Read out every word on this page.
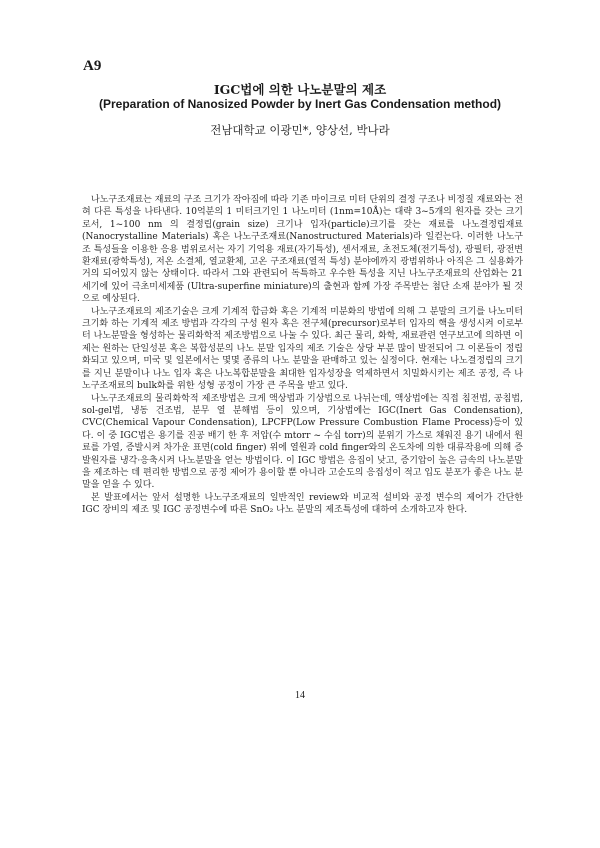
A9
IGC법에 의한 나노분말의 제조
(Preparation of Nanosized Powder by Inert Gas Condensation method)
전남대학교 이광민*, 양상선, 박나라

나노구조재료는 재료의 구조 크기가 작아짐에 따라 기존 마이크로 미터 단위의 결정 구조나 비정질 재료와는 전혀 다른 특성을 나타낸다. 10억분의 1 미터크기인 1 나노미터 (1nm=10Å)는 대략 3~5개의 원자를 갖는 크기로서, 1~100 nm 의 결정립(grain size) 크기나 입자(particle)크기를 갖는 재료를 나노결정립재료(Nanocrystalline Materials) 혹은 나노구조재료(Nanostructured Materials)라 일컫는다. 이러한 나노구조 특성들을 이용한 응용 범위로서는 자기 기억용 재료(자기특성), 센서재료, 초전도체(전기특성), 광필터, 광전변환재료(광학특성), 저온 소결체, 열교환체, 고온 구조재료(열적 특성) 분야에까지 광범위하나 아직은 그 실용화가 거의 되어있지 않는 상태이다. 따라서 그와 관련되어 독특하고 우수한 특성을 지닌 나노구조재료의 산업화는 21세기에 있어 극초미세제품 (Ultra-superfine miniature)의 출현과 함께 가장 주목받는 첨단 소재 분야가 될 것으로 예상된다.

나노구조재료의 제조기술은 크게 기계적 합금화 혹은 기계적 미분화의 방법에 의해 그 분말의 크기를 나노미터크기화 하는 기계적 제조 방법과 각각의 구성 원자 혹은 전구체(precursor)로부터 입자의 핵을 생성시켜 이로부터 나노분말을 형성하는 물리화학적 제조방법으로 나눌 수 있다. 최근 물리, 화학, 재료관련 연구보고에 의하면 이제는 원하는 단일성분 혹은 복합성분의 나노 분말 입자의 제조 기술은 상당 부분 많이 발전되어 그 이론들이 정립화되고 있으며, 미국 및 일본에서는 몇몇 종류의 나노 분말을 판매하고 있는 실정이다. 현재는 나노결정립의 크기를 지닌 분말이나 나노 입자 혹은 나노복합분말을 최대한 입자성장을 억제하면서 치밀화시키는 제조 공정, 즉 나노구조재료의 bulk화를 위한 성형 공정이 가장 큰 주목을 받고 있다.

나노구조재료의 물리화학적 제조방법은 크게 액상법과 기상법으로 나뉘는데, 액상법에는 직접 침전법, 공침법, sol-gel법, 냉동 건조법, 분무 열 분해법 등이 있으며, 기상법에는 IGC(Inert Gas Condensation), CVC(Chemical Vapour Condensation), LPCFP(Low Pressure Combustion Flame Process)등이 있다. 이 중 IGC법은 용기를 진공 배기 한 후 저압(수 mtorr ~ 수십 torr)의 분위기 가스로 채워진 용기 내에서 원료를 가열, 증발시켜 차가운 표면(cold finger) 위에 열원과 cold finger와의 온도차에 의한 대류작용에 의해 증발원자를 냉각·응축시켜 나노분말을 얻는 방법이다. 이 IGC 방법은 응집이 낮고, 증기압이 높은 금속의 나노분말을 제조하는 데 편리한 방법으로 공정 제어가 용이할 뿐 아니라 고순도의 응집성이 적고 입도 분포가 좋은 나노 분말을 얻을 수 있다.

본 발표에서는 앞서 설명한 나노구조재료의 일반적인 review와 비교적 설비와 공정 변수의 제어가 간단한 IGC 장비의 제조 및 IGC 공정변수에 따른 SnO₂ 나노 분말의 제조특성에 대하여 소개하고자 한다.

14
